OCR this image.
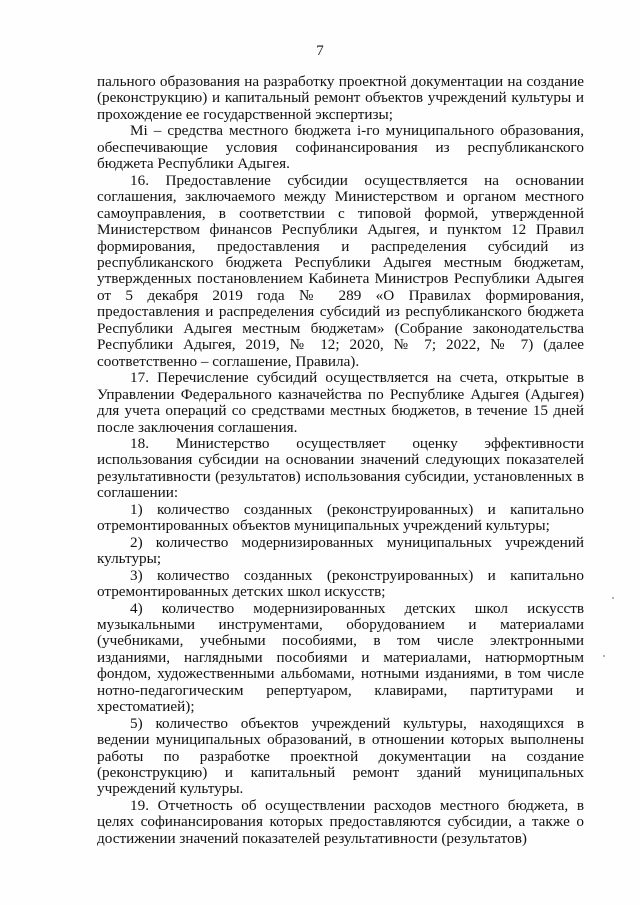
7

пального образования на разработку проектной документации на создание (реконструкцию) и капитальный ремонт объектов учреждений культуры и прохождение ее государственной экспертизы;

Mi – средства местного бюджета i-го муниципального образования, обеспечивающие условия софинансирования из республиканского бюджета Республики Адыгея.

16. Предоставление субсидии осуществляется на основании соглашения, заключаемого между Министерством и органом местного самоуправления, в соответствии с типовой формой, утвержденной Министерством финансов Республики Адыгея, и пунктом 12 Правил формирования, предоставления и распределения субсидий из республиканского бюджета Республики Адыгея местным бюджетам, утвержденных постановлением Кабинета Министров Республики Адыгея от 5 декабря 2019 года № 289 «О Правилах формирования, предоставления и распределения субсидий из республиканского бюджета Республики Адыгея местным бюджетам» (Собрание законодательства Республики Адыгея, 2019, № 12; 2020, № 7; 2022, № 7) (далее соответственно – соглашение, Правила).

17. Перечисление субсидий осуществляется на счета, открытые в Управлении Федерального казначейства по Республике Адыгея (Адыгея) для учета операций со средствами местных бюджетов, в течение 15 дней после заключения соглашения.

18. Министерство осуществляет оценку эффективности использования субсидии на основании значений следующих показателей результативности (результатов) использования субсидии, установленных в соглашении:

1) количество созданных (реконструированных) и капитально отремонтированных объектов муниципальных учреждений культуры;

2) количество модернизированных муниципальных учреждений культуры;

3) количество созданных (реконструированных) и капитально отремонтированных детских школ искусств;

4) количество модернизированных детских школ искусств музыкальными инструментами, оборудованием и материалами (учебниками, учебными пособиями, в том числе электронными изданиями, наглядными пособиями и материалами, натюрмортным фондом, художественными альбомами, нотными изданиями, в том числе нотно-педагогическим репертуаром, клавирами, партитурами и хрестоматией);

5) количество объектов учреждений культуры, находящихся в ведении муниципальных образований, в отношении которых выполнены работы по разработке проектной документации на создание (реконструкцию) и капитальный ремонт зданий муниципальных учреждений культуры.

19. Отчетность об осуществлении расходов местного бюджета, в целях софинансирования которых предоставляются субсидии, а также о достижении значений показателей результативности (результатов)
